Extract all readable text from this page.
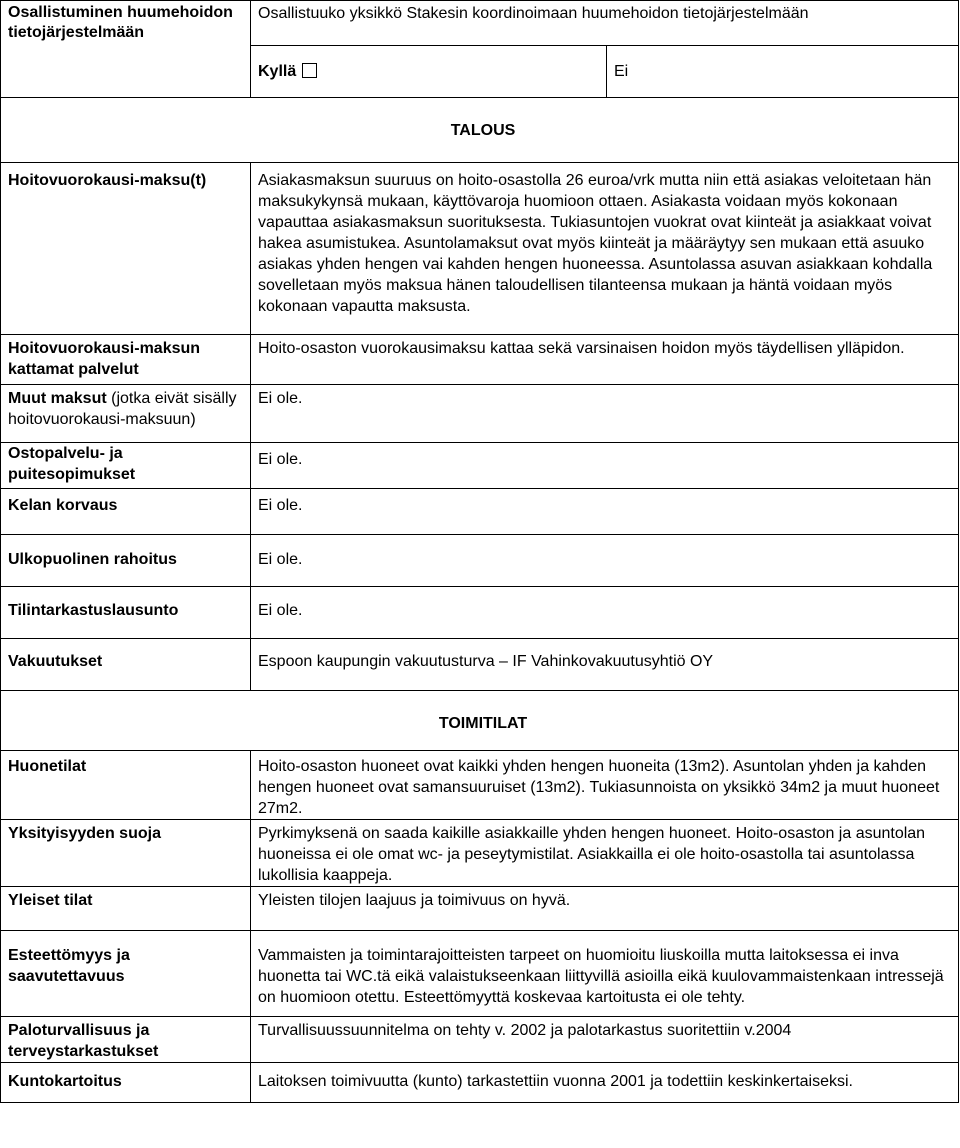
Osallistuminen huumehoidon tietojärjestelmään	Osallistuuko yksikkö Stakesin koordinoimaan huumehoidon tietojärjestelmään	
	Kyllä	Ei
TALOUS		
Hoitovuorokausi-maksu(t)	Asiakasmaksun suuruus on hoito-osastolla 26 euroa/vrk mutta niin että asiakas veloitetaan hän maksukykynsä mukaan, käyttövaroja huomioon ottaen. Asiakasta voidaan myös kokonaan vapauttaa asiakasmaksun suorituksesta. Tukiasuntojen vuokrat ovat kiinteät ja asiakkaat voivat hakea asumistukea. Asuntolamaksut ovat myös kiinteät ja määräytyy sen mukaan että asuuko asiakas yhden hengen vai kahden hengen huoneessa. Asuntolassa asuvan asiakkaan kohdalla sovelletaan myös maksua hänen taloudellisen tilanteensa mukaan ja häntä voidaan myös kokonaan vapautta maksusta.	
Hoitovuorokausi-maksun kattamat palvelut	Hoito-osaston vuorokausimaksu kattaa sekä varsinaisen hoidon myös täydellisen ylläpidon.	
Muut maksut (jotka eivät sisälly hoitovuorokausi-maksuun)	Ei ole.	
Ostopalvelu- ja puitesopimukset	Ei ole.	
Kelan korvaus	Ei ole.	
Ulkopuolinen rahoitus	Ei ole.	
Tilintarkastuslausunto	Ei ole.	
Vakuutukset	Espoon kaupungin vakuutusturva – IF Vahinkovakuutusyhtiö OY	
TOIMITILAT		
Huonetilat	Hoito-osaston huoneet ovat kaikki yhden hengen huoneita (13m2). Asuntolan yhden ja kahden hengen huoneet ovat samansuuruiset (13m2). Tukiasunnoista on yksikkö 34m2 ja muut huoneet 27m2.	
Yksityisyyden suoja	Pyrkimyksenä on saada kaikille asiakkaille yhden hengen huoneet. Hoito-osaston ja asuntolan huoneissa ei ole omat wc- ja peseytymistilat. Asiakkailla ei ole hoito-osastolla tai asuntolassa lukollisia kaappeja.	
Yleiset tilat	Yleisten tilojen laajuus ja toimivuus on hyvä.	
Esteettömyys ja saavutettavuus	Vammaisten ja toimintarajoitteisten tarpeet on huomioitu liuskoilla mutta laitoksessa ei inva huonetta tai WC.tä eikä valaistukseenkaan liittyvillä asioilla eikä kuulovammaistenkaan intressejä on huomioon otettu. Esteettömyyttä koskevaa kartoitusta ei ole tehty.	
Paloturvallisuus ja terveystarkastukset	Turvallisuussuunnitelma on tehty v. 2002 ja palotarkastus suoritettiin v.2004	
Kuntokartoitus	Laitoksen toimivuutta (kunto) tarkastettiin vuonna 2001 ja todettiin keskinkertaiseksi.	
